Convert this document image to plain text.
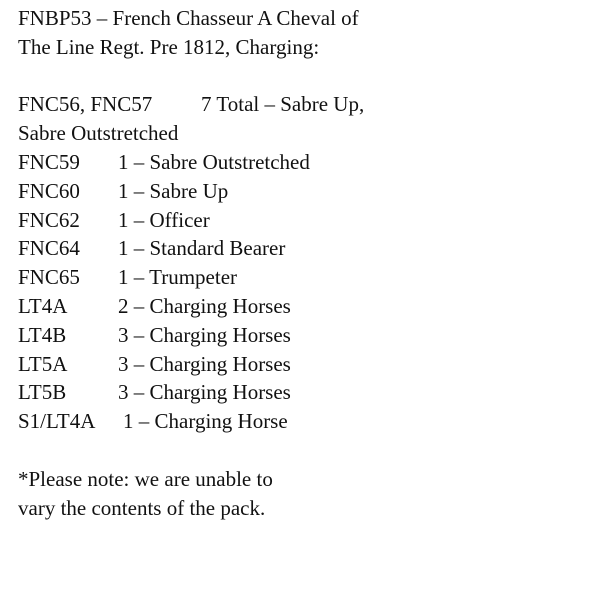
FNBP53 – French Chasseur A Cheval of
The Line Regt. Pre 1812, Charging:
FNC56, FNC57 7 Total – Sabre Up,
Sabre Outstretched
FNC59 1 – Sabre Outstretched
FNC60 1 – Sabre Up
FNC62 1 – Officer
FNC64 1 – Standard Bearer
FNC65 1 – Trumpeter
LT4A 2 – Charging Horses
LT4B 3 – Charging Horses
LT5A 3 – Charging Horses
LT5B 3 – Charging Horses
S1/LT4A 1 – Charging Horse
*Please note: we are unable to
vary the contents of the pack.
